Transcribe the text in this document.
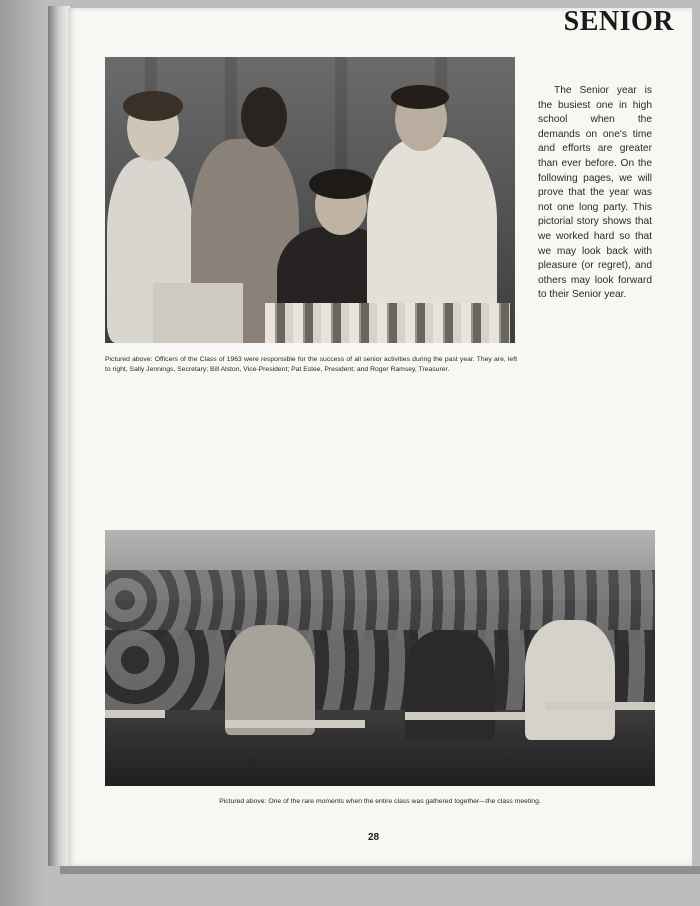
SENIOR
The Senior year is the busiest one in high school when the demands on one's time and efforts are greater than ever before. On the following pages, we will prove that the year was not one long party. This pictorial story shows that we worked hard so that we may look back with pleasure (or regret), and others may look forward to their Senior year.
Pictured above: Officers of the Class of 1963 were responsible for the success of all senior activities during the past year. They are, left to right, Sally Jennings, Secretary; Bill Alston, Vice-President; Pat Estee, President; and Roger Ramsey, Treasurer.
Pictured above: One of the rare moments when the entire class was gathered together—the class meeting.
28
